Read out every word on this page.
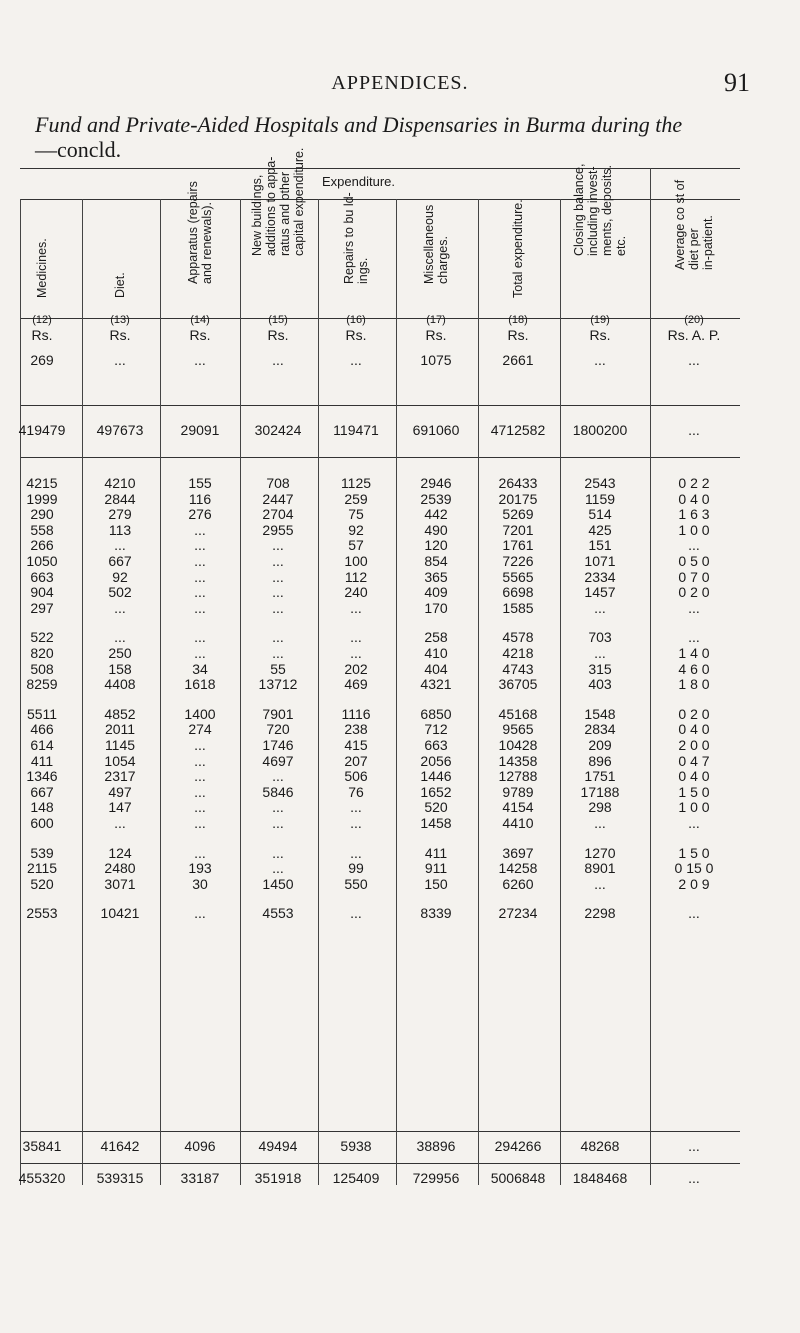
APPENDICES.	91
Fund and Private-Aided Hospitals and Dispensaries in Burma during the
—concld.
Expenditure.
Medicines.
(12)
Diet.
(13)
Apparatus (repairs
and renewals).
(14)
New buildings,
additions to appa-
ratus and other
capital expenditure.
(15)
Repairs to bu ld-
ings.
(16)
Miscellaneous
charges.
(17)
Total expenditure.
(18)
Closing balance,
including invest-
ments, deposits.
etc.
(19)
Average co st of diet per
in-patient.
(20)
Rs.	Rs.	Rs.	Rs.	Rs.	Rs.	Rs.	Rs.	Rs. A. P.
269	...	...	...	...	1075	2661	...	...
419479	497673	29091	302424	119471	691060	4712582	1800200	...
4215	4210	155	708	1125	2946	26433	2543	0 2 2
1999	2844	116	2447	259	2539	20175	1159	0 4 0
290	279	276	2704	75	442	5269	514	1 6 3
558	113	...	2955	92	490	7201	425	1 0 0
266	...	...	...	57	120	1761	151	...
1050	667	...	...	100	854	7226	1071	0 5 0
663	92	...	...	112	365	5565	2334	0 7 0
904	502	...	...	240	409	6698	1457	0 2 0
297	...	...	...	...	170	1585	...	...
522	...	...	...	...	258	4578	703	...
820	250	...	...	...	410	4218	...	1 4 0
508	158	34	55	202	404	4743	315	4 6 0
8259	4408	1618	13712	469	4321	36705	403	1 8 0
5511	4852	1400	7901	1116	6850	45168	1548	0 2 0
466	2011	274	720	238	712	9565	2834	0 4 0
614	1145	...	1746	415	663	10428	209	2 0 0
411	1054	...	4697	207	2056	14358	896	0 4 7
1346	2317	...	...	506	1446	12788	1751	0 4 0
667	497	...	5846	76	1652	9789	17188	1 5 0
148	147	...	...	...	520	4154	298	1 0 0
600	...	...	...	...	1458	4410	...	...
539	124	...	...	...	411	3697	1270	1 5 0
2115	2480	193	...	99	911	14258	8901	0 15 0
520	3071	30	1450	550	150	6260	...	2 0 9
2553	10421	...	4553	...	8339	27234	2298	...
35841	41642	4096	49494	5938	38896	294266	48268	...
455320	539315	33187	351918	125409	729956	5006848	1848468	...
